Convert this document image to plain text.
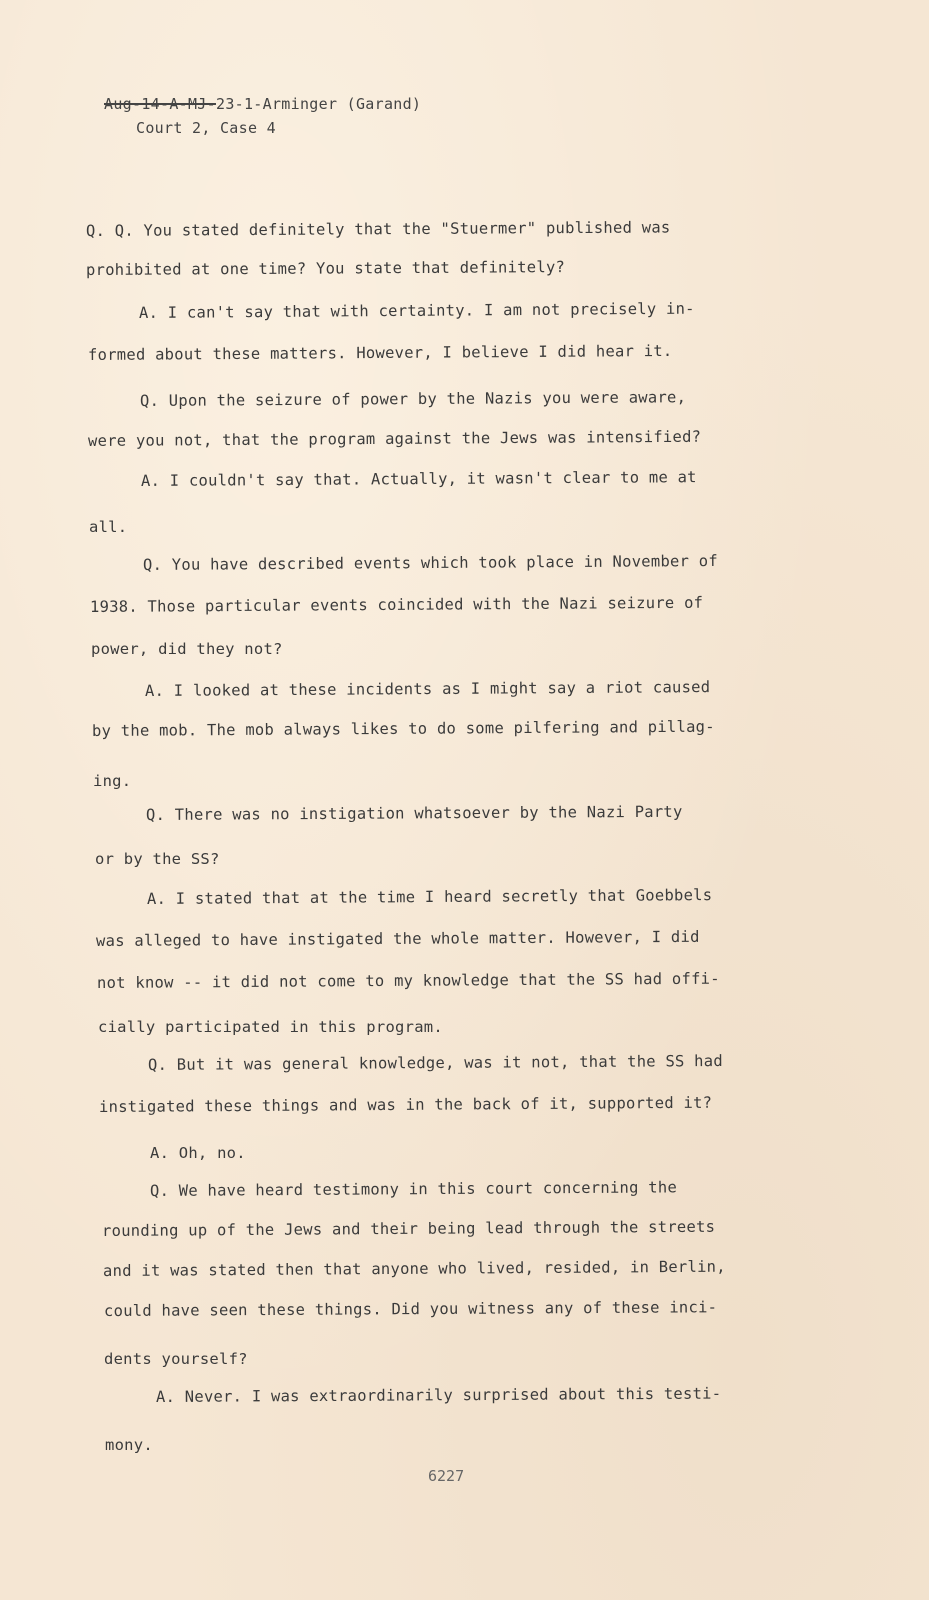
Aug-14-A-MJ-23-1-Arminger (Garand)
Court 2, Case 4
Q. Q. You stated definitely that the "Stuermer" published was
prohibited at one time? You state that definitely?
A. I can't say that with certainty. I am not precisely in-
formed about these matters. However, I believe I did hear it.
Q. Upon the seizure of power by the Nazis you were aware,
were you not, that the program against the Jews was intensified?
A. I couldn't say that. Actually, it wasn't clear to me at
all.
Q. You have described events which took place in November of
1938. Those particular events coincided with the Nazi seizure of
power, did they not?
A. I looked at these incidents as I might say a riot caused
by the mob. The mob always likes to do some pilfering and pillag-
ing.
Q. There was no instigation whatsoever by the Nazi Party
or by the SS?
A. I stated that at the time I heard secretly that Goebbels
was alleged to have instigated the whole matter. However, I did
not know -- it did not come to my knowledge that the SS had offi-
cially participated in this program.
Q. But it was general knowledge, was it not, that the SS had
instigated these things and was in the back of it, supported it?
A. Oh, no.
Q. We have heard testimony in this court concerning the
rounding up of the Jews and their being lead through the streets
and it was stated then that anyone who lived, resided, in Berlin,
could have seen these things. Did you witness any of these inci-
dents yourself?
A. Never. I was extraordinarily surprised about this testi-
mony.
6227
